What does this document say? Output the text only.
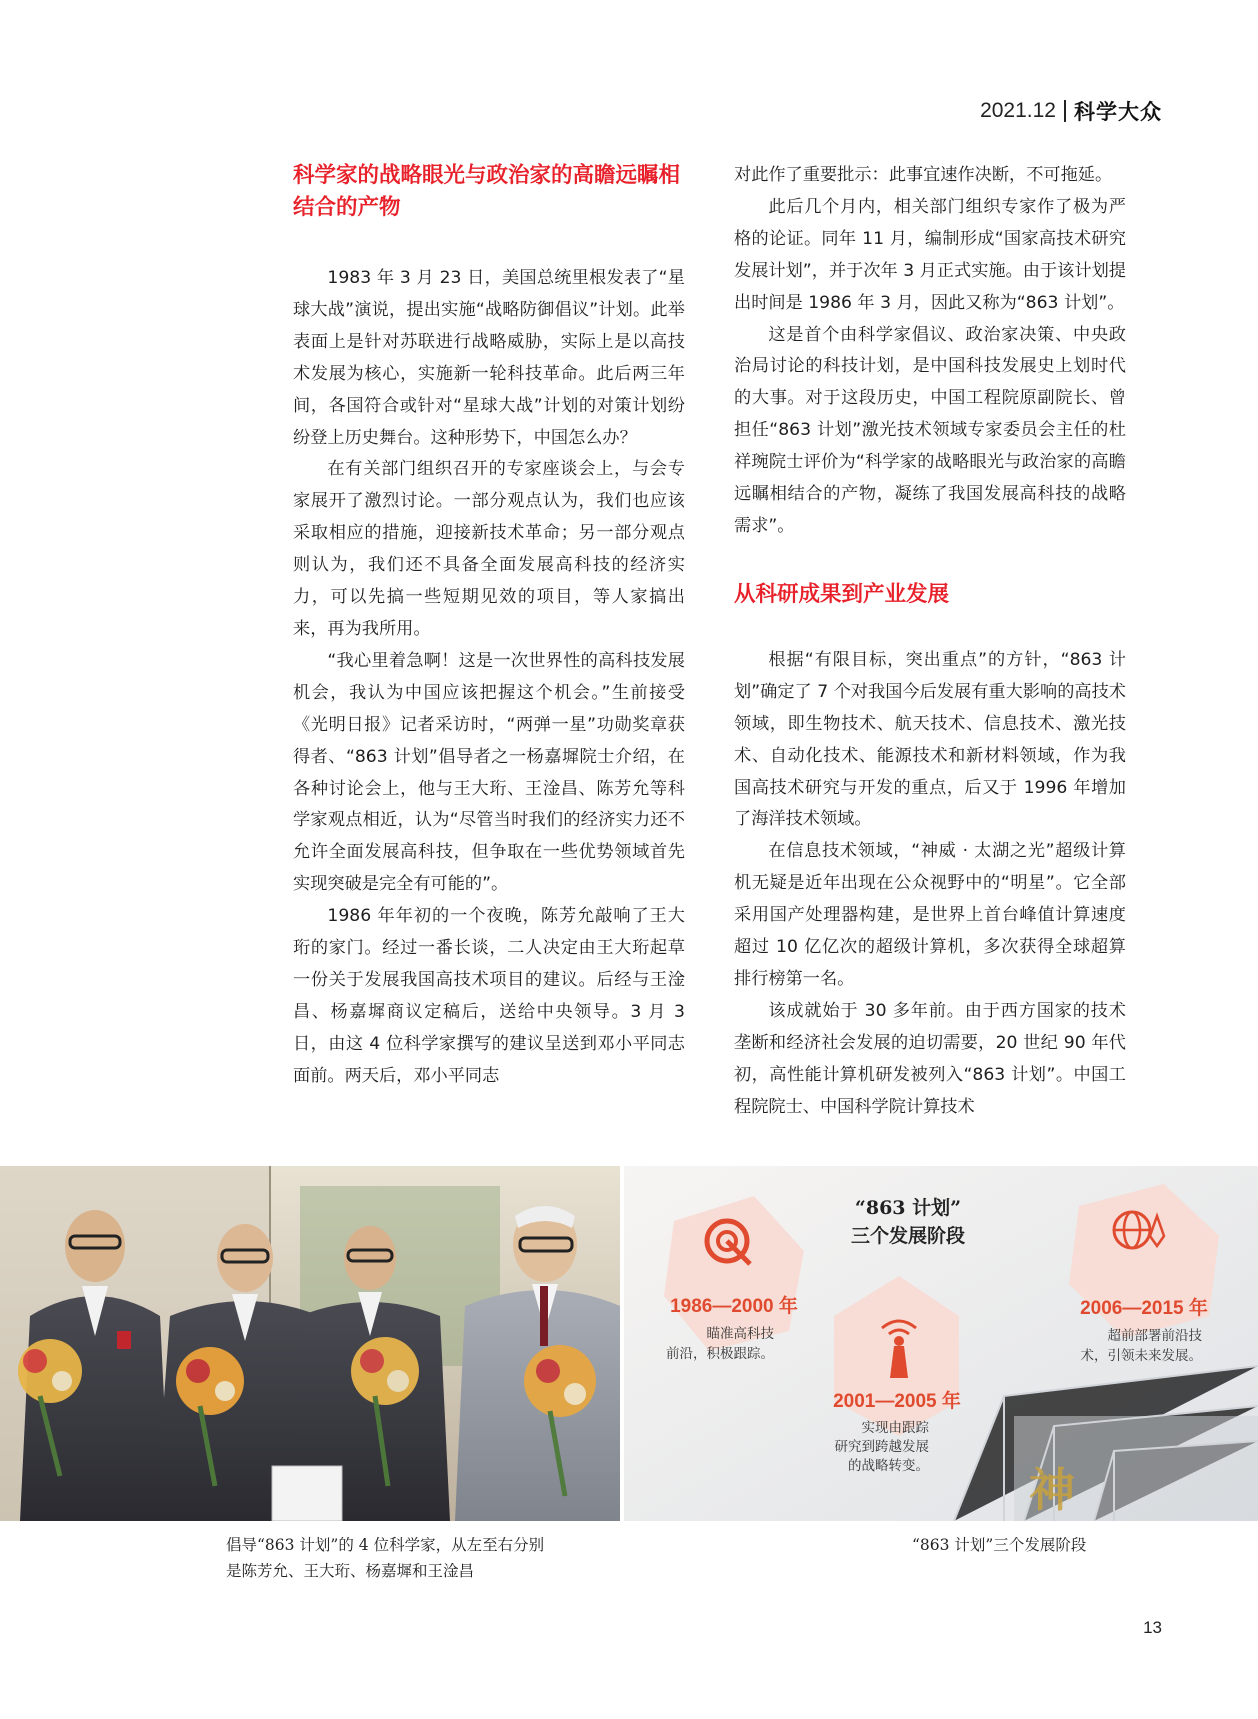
2021.12 科学大众
科学家的战略眼光与政治家的高瞻远瞩相结合的产物

1983 年 3 月 23 日，美国总统里根发表了“星球大战”演说，提出实施“战略防御倡议”计划。此举表面上是针对苏联进行战略威胁，实际上是以高技术发展为核心，实施新一轮科技革命。此后两三年间，各国符合或针对“星球大战”计划的对策计划纷纷登上历史舞台。这种形势下，中国怎么办？

在有关部门组织召开的专家座谈会上，与会专家展开了激烈讨论。一部分观点认为，我们也应该采取相应的措施，迎接新技术革命；另一部分观点则认为，我们还不具备全面发展高科技的经济实力，可以先搞一些短期见效的项目，等人家搞出来，再为我所用。

“我心里着急啊！这是一次世界性的高科技发展机会，我认为中国应该把握这个机会。”生前接受《光明日报》记者采访时，“两弹一星”功勋奖章获得者、“863 计划”倡导者之一杨嘉墀院士介绍，在各种讨论会上，他与王大珩、王淦昌、陈芳允等科学家观点相近，认为“尽管当时我们的经济实力还不允许全面发展高科技，但争取在一些优势领域首先实现突破是完全有可能的”。

1986 年年初的一个夜晚，陈芳允敲响了王大珩的家门。经过一番长谈，二人决定由王大珩起草一份关于发展我国高技术项目的建议。后经与王淦昌、杨嘉墀商议定稿后，送给中央领导。3 月 3 日，由这 4 位科学家撰写的建议呈送到邓小平同志面前。两天后，邓小平同志

对此作了重要批示：此事宜速作决断，不可拖延。

此后几个月内，相关部门组织专家作了极为严格的论证。同年 11 月，编制形成“国家高技术研究发展计划”，并于次年 3 月正式实施。由于该计划提出时间是 1986 年 3 月，因此又称为“863 计划”。

这是首个由科学家倡议、政治家决策、中央政治局讨论的科技计划，是中国科技发展史上划时代的大事。对于这段历史，中国工程院原副院长、曾担任“863 计划”激光技术领域专家委员会主任的杜祥琬院士评价为“科学家的战略眼光与政治家的高瞻远瞩相结合的产物，凝练了我国发展高科技的战略需求”。

从科研成果到产业发展

根据“有限目标，突出重点”的方针，“863 计划”确定了 7 个对我国今后发展有重大影响的高技术领域，即生物技术、航天技术、信息技术、激光技术、自动化技术、能源技术和新材料领域，作为我国高技术研究与开发的重点，后又于 1996 年增加了海洋技术领域。

在信息技术领域，“神威 · 太湖之光”超级计算机无疑是近年出现在公众视野中的“明星”。它全部采用国产处理器构建，是世界上首台峰值计算速度超过 10 亿亿次的超级计算机，多次获得全球超算排行榜第一名。

该成就始于 30 多年前。由于西方国家的技术垄断和经济社会发展的迫切需要，20 世纪 90 年代初，高性能计算机研发被列入“863 计划”。中国工程院院士、中国科学院计算技术

神
“863 计划”
三个发展阶段
1986—2000 年
瞄准高科技
前沿，积极跟踪。
2001—2005 年
实现由跟踪
研究到跨越发展
的战略转变。
2006—2015 年
超前部署前沿技
术，引领未来发展。
倡导“863 计划”的 4 位科学家，从左至右分别
是陈芳允、王大珩、杨嘉墀和王淦昌
“863 计划”三个发展阶段
13
